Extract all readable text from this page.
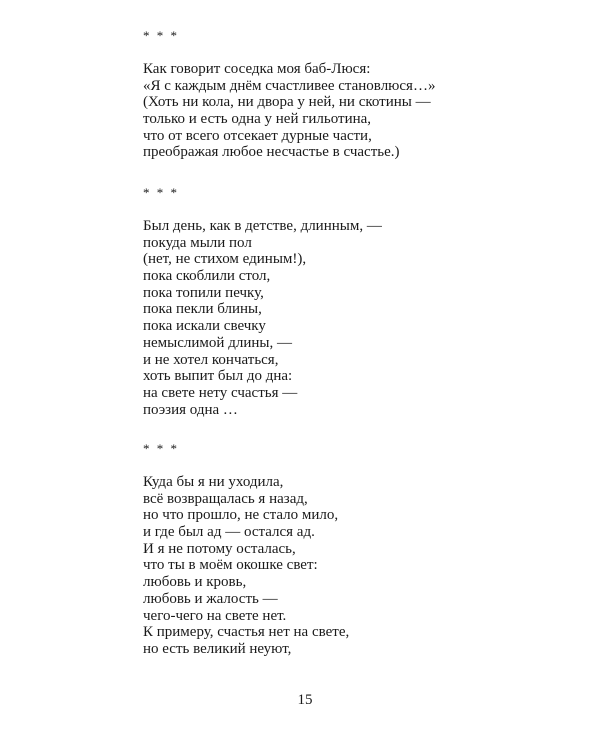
* * *
Как говорит соседка моя баб-Люся:
«Я с каждым днём счастливее становлюся…»
(Хоть ни кола, ни двора у ней, ни скотины —
только и есть одна у ней гильотина,
что от всего отсекает дурные части,
преображая любое несчастье в счастье.)
* * *
Был день, как в детстве, длинным, —
покуда мыли пол
(нет, не стихом единым!),
пока скоблили стол,
пока топили печку,
пока пекли блины,
пока искали свечку
немыслимой длины, —
и не хотел кончаться,
хоть выпит был до дна:
на свете нету счастья —
поэзия одна …
* * *
Куда бы я ни уходила,
всё возвращалась я назад,
но что прошло, не стало мило,
и где был ад — остался ад.
И я не потому осталась,
что ты в моём окошке свет:
любовь и кровь,
любовь и жалость —
чего-чего на свете нет.
К примеру, счастья нет на свете,
но есть великий неуют,
15
